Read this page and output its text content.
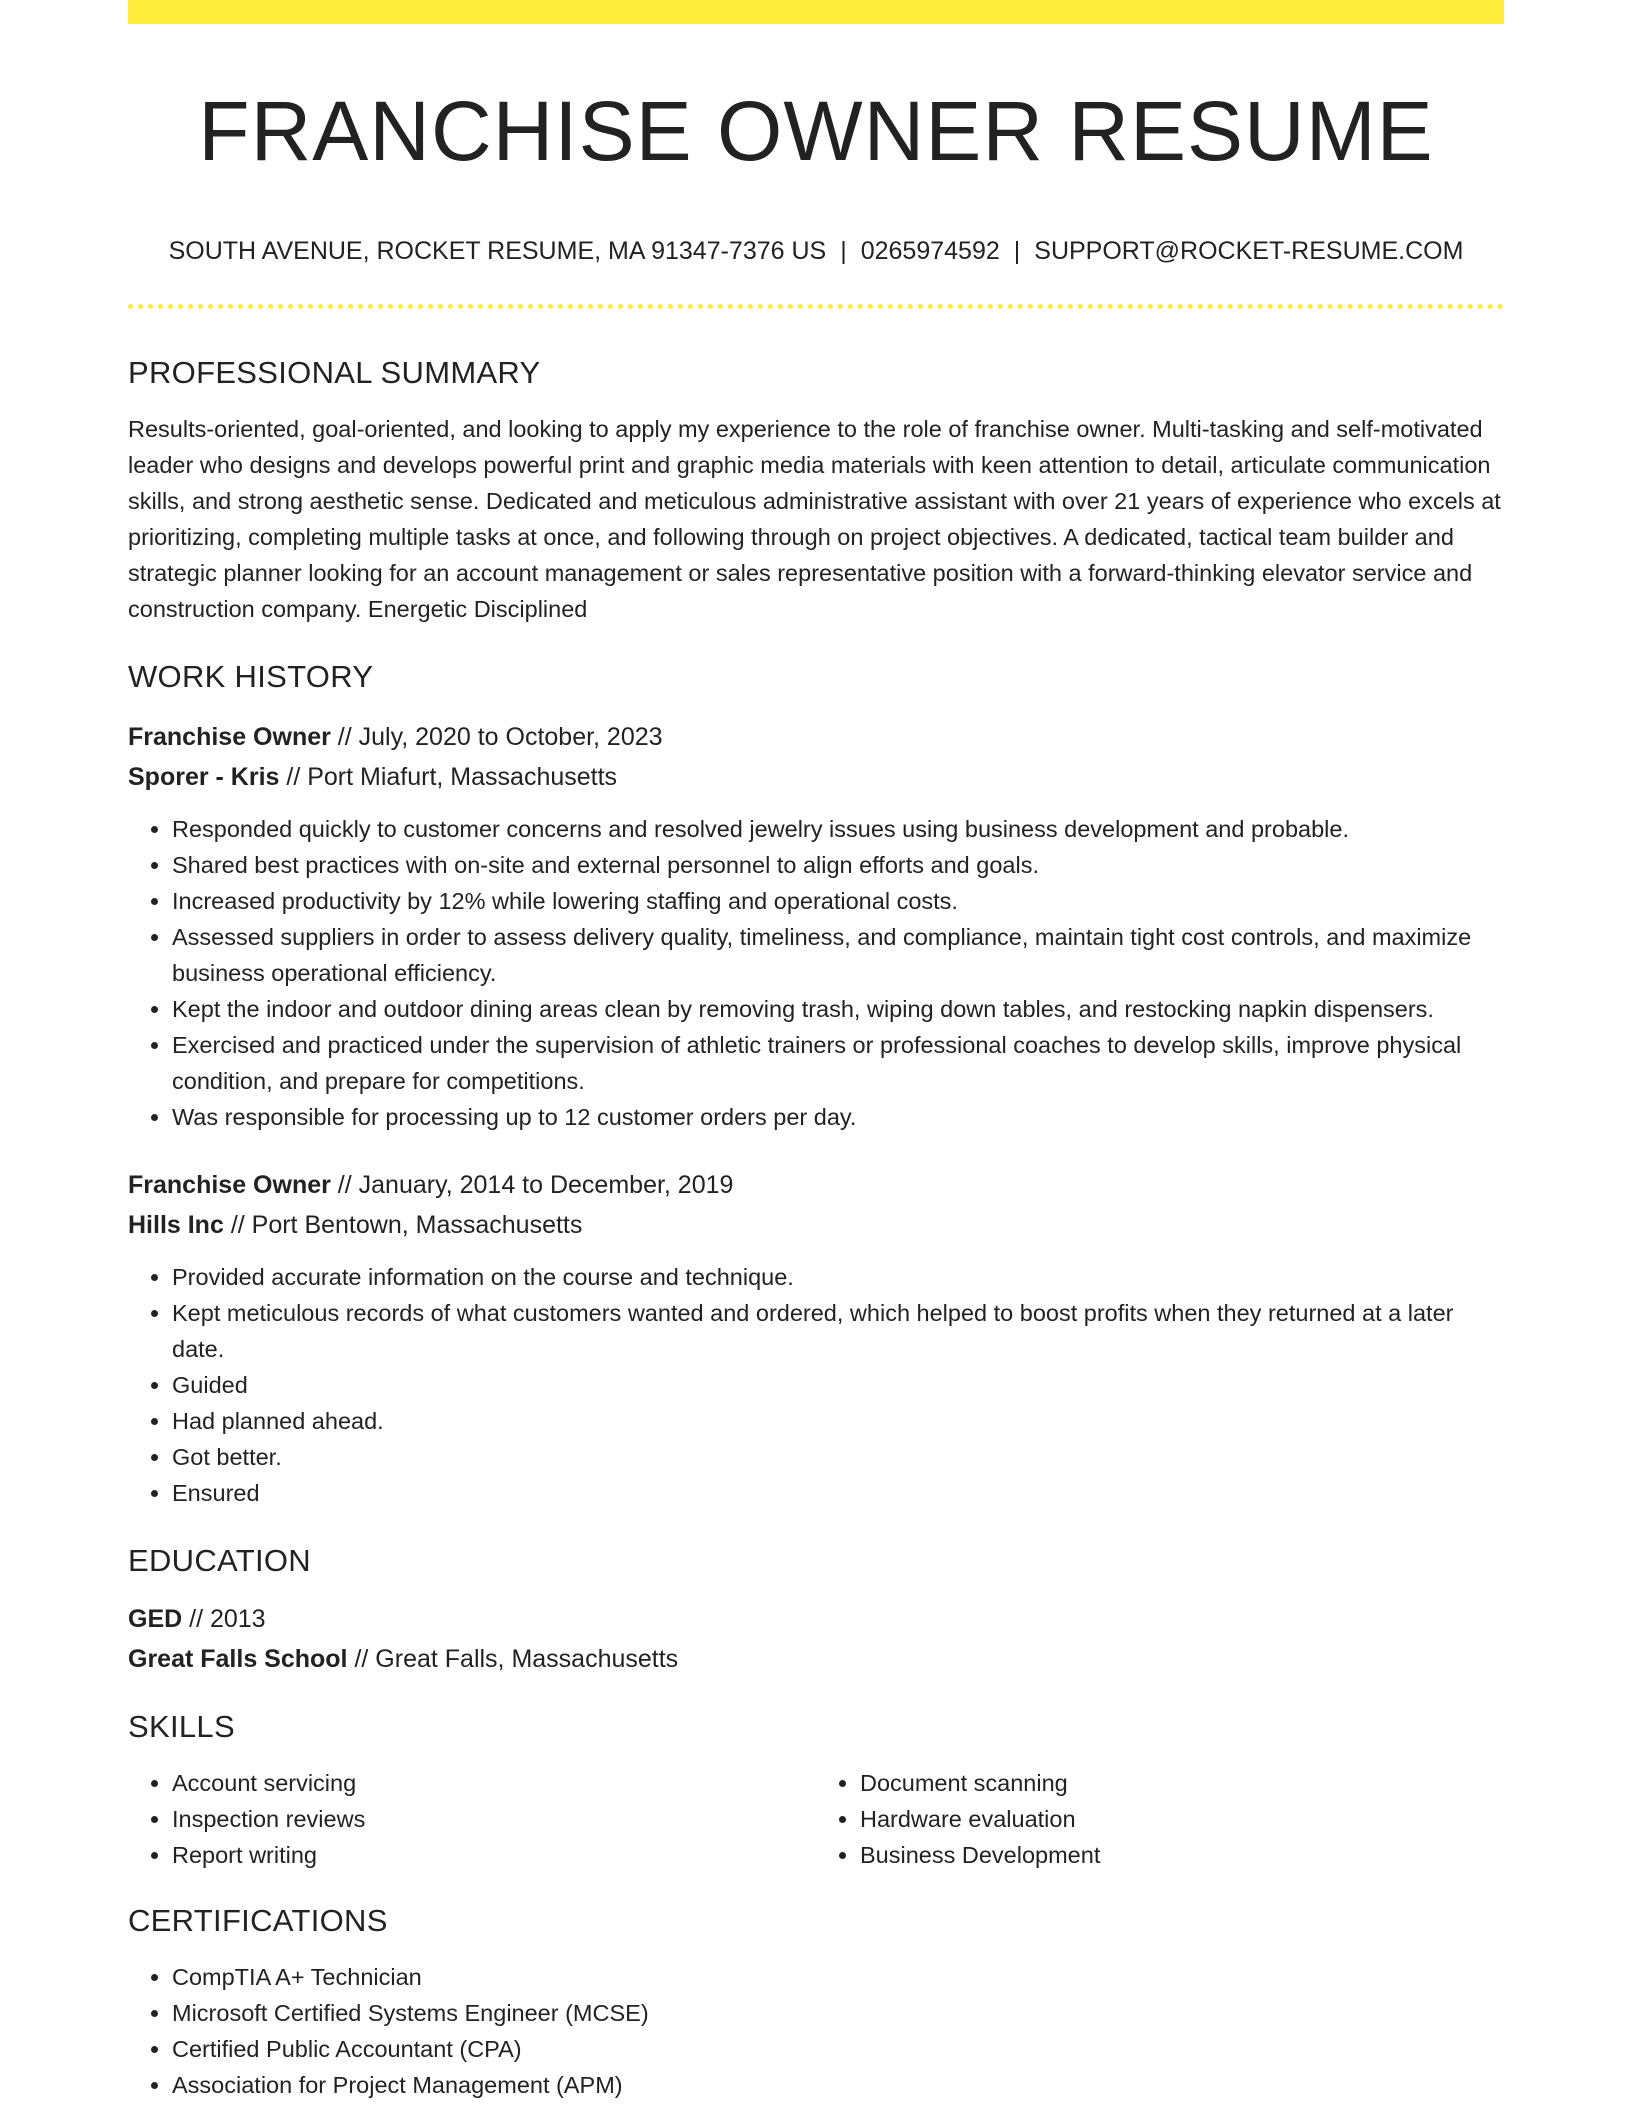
FRANCHISE OWNER RESUME
SOUTH AVENUE, ROCKET RESUME, MA 91347-7376 US | 0265974592 | SUPPORT@ROCKET-RESUME.COM
PROFESSIONAL SUMMARY
Results-oriented, goal-oriented, and looking to apply my experience to the role of franchise owner. Multi-tasking and self-motivated leader who designs and develops powerful print and graphic media materials with keen attention to detail, articulate communication skills, and strong aesthetic sense. Dedicated and meticulous administrative assistant with over 21 years of experience who excels at prioritizing, completing multiple tasks at once, and following through on project objectives. A dedicated, tactical team builder and strategic planner looking for an account management or sales representative position with a forward-thinking elevator service and construction company. Energetic Disciplined
WORK HISTORY
Franchise Owner // July, 2020 to October, 2023
Sporer - Kris // Port Miafurt, Massachusetts
• Responded quickly to customer concerns and resolved jewelry issues using business development and probable.
• Shared best practices with on-site and external personnel to align efforts and goals.
• Increased productivity by 12% while lowering staffing and operational costs.
• Assessed suppliers in order to assess delivery quality, timeliness, and compliance, maintain tight cost controls, and maximize business operational efficiency.
• Kept the indoor and outdoor dining areas clean by removing trash, wiping down tables, and restocking napkin dispensers.
• Exercised and practiced under the supervision of athletic trainers or professional coaches to develop skills, improve physical condition, and prepare for competitions.
• Was responsible for processing up to 12 customer orders per day.
Franchise Owner // January, 2014 to December, 2019
Hills Inc // Port Bentown, Massachusetts
• Provided accurate information on the course and technique.
• Kept meticulous records of what customers wanted and ordered, which helped to boost profits when they returned at a later date.
• Guided
• Had planned ahead.
• Got better.
• Ensured
EDUCATION
GED // 2013
Great Falls School // Great Falls, Massachusetts
SKILLS
• Account servicing
• Inspection reviews
• Report writing
• Document scanning
• Hardware evaluation
• Business Development
CERTIFICATIONS
• CompTIA A+ Technician
• Microsoft Certified Systems Engineer (MCSE)
• Certified Public Accountant (CPA)
• Association for Project Management (APM)
